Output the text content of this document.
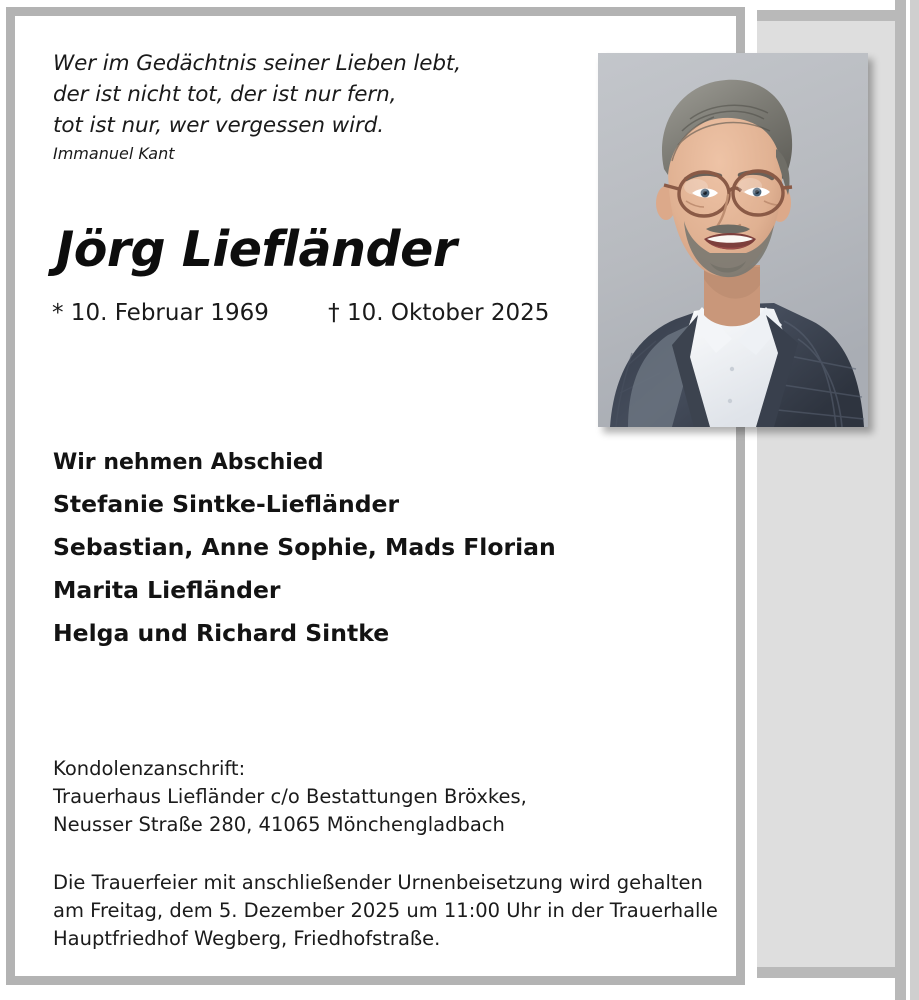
Wer im Gedächtnis seiner Lieben lebt,
der ist nicht tot, der ist nur fern,
tot ist nur, wer vergessen wird.
Immanuel Kant
Jörg Liefländer
* 10. Februar 1969	† 10. Oktober 2025
Wir nehmen Abschied
Stefanie Sintke-Liefländer
Sebastian, Anne Sophie, Mads Florian
Marita Liefländer
Helga und Richard Sintke
Kondolenzanschrift:
Trauerhaus Liefländer c/o Bestattungen Bröxkes,
Neusser Straße 280, 41065 Mönchengladbach
Die Trauerfeier mit anschließender Urnenbeisetzung wird gehalten
am Freitag, dem 5. Dezember 2025 um 11:00 Uhr in der Trauerhalle
Hauptfriedhof Wegberg, Friedhofstraße.
